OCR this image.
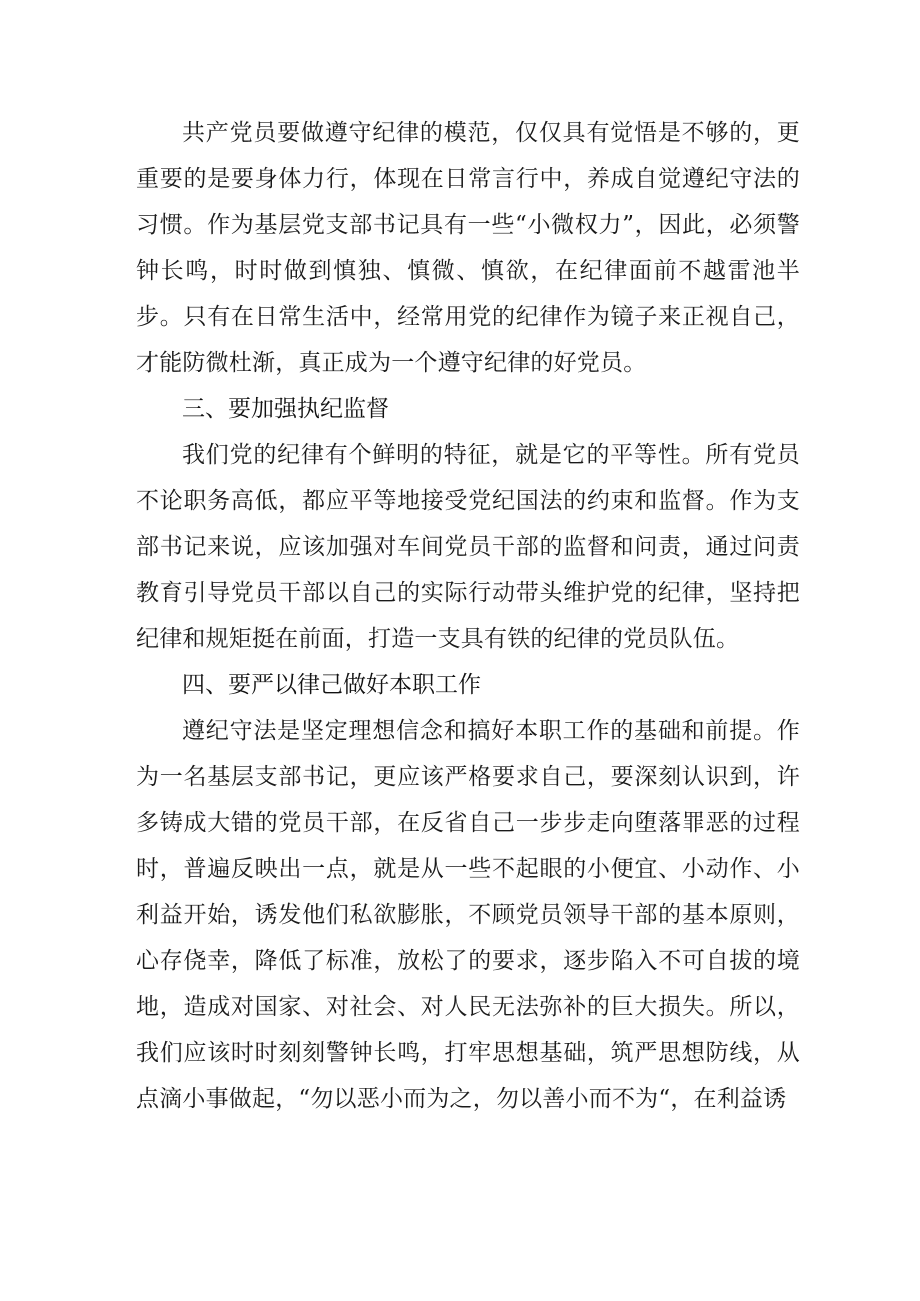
共产党员要做遵守纪律的模范，仅仅具有觉悟是不够的，更重要的是要身体力行，体现在日常言行中，养成自觉遵纪守法的习惯。作为基层党支部书记具有一些“小微权力”，因此，必须警钟长鸣，时时做到慎独、慎微、慎欲，在纪律面前不越雷池半步。只有在日常生活中，经常用党的纪律作为镜子来正视自己，才能防微杜渐，真正成为一个遵守纪律的好党员。

三、要加强执纪监督

我们党的纪律有个鲜明的特征，就是它的平等性。所有党员不论职务高低，都应平等地接受党纪国法的约束和监督。作为支部书记来说，应该加强对车间党员干部的监督和问责，通过问责教育引导党员干部以自己的实际行动带头维护党的纪律，坚持把纪律和规矩挺在前面，打造一支具有铁的纪律的党员队伍。

四、要严以律己做好本职工作

遵纪守法是坚定理想信念和搞好本职工作的基础和前提。作为一名基层支部书记，更应该严格要求自己，要深刻认识到，许多铸成大错的党员干部，在反省自己一步步走向堕落罪恶的过程时，普遍反映出一点，就是从一些不起眼的小便宜、小动作、小利益开始，诱发他们私欲膨胀，不顾党员领导干部的基本原则，心存侥幸，降低了标准，放松了的要求，逐步陷入不可自拔的境地，造成对国家、对社会、对人民无法弥补的巨大损失。所以，我们应该时时刻刻警钟长鸣，打牢思想基础，筑严思想防线，从点滴小事做起，“勿以恶小而为之，勿以善小而不为“，在利益诱
